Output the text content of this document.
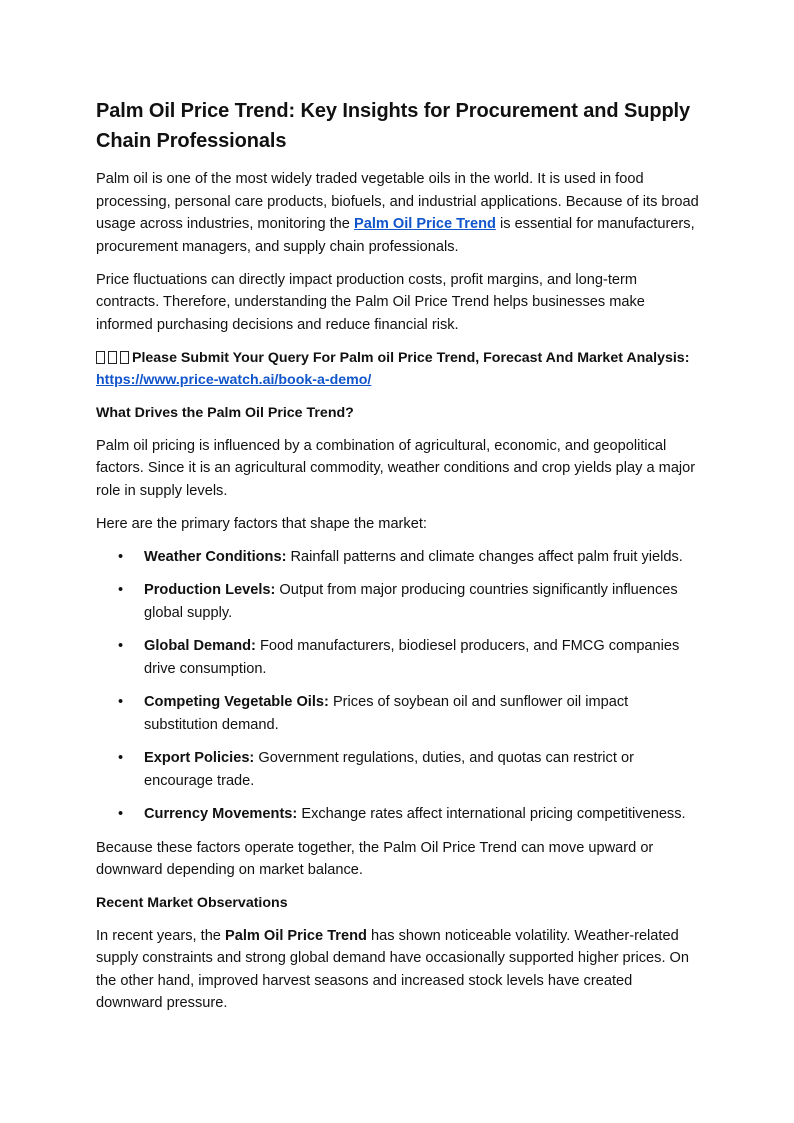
Palm Oil Price Trend: Key Insights for Procurement and Supply Chain Professionals

Palm oil is one of the most widely traded vegetable oils in the world. It is used in food processing, personal care products, biofuels, and industrial applications. Because of its broad usage across industries, monitoring the Palm Oil Price Trend is essential for manufacturers, procurement managers, and supply chain professionals.

Price fluctuations can directly impact production costs, profit margins, and long-term contracts. Therefore, understanding the Palm Oil Price Trend helps businesses make informed purchasing decisions and reduce financial risk.

Please Submit Your Query For Palm oil Price Trend, Forecast And Market Analysis: https://www.price-watch.ai/book-a-demo/

What Drives the Palm Oil Price Trend?

Palm oil pricing is influenced by a combination of agricultural, economic, and geopolitical factors. Since it is an agricultural commodity, weather conditions and crop yields play a major role in supply levels.

Here are the primary factors that shape the market:

• Weather Conditions: Rainfall patterns and climate changes affect palm fruit yields.
• Production Levels: Output from major producing countries significantly influences global supply.
• Global Demand: Food manufacturers, biodiesel producers, and FMCG companies drive consumption.
• Competing Vegetable Oils: Prices of soybean oil and sunflower oil impact substitution demand.
• Export Policies: Government regulations, duties, and quotas can restrict or encourage trade.
• Currency Movements: Exchange rates affect international pricing competitiveness.

Because these factors operate together, the Palm Oil Price Trend can move upward or downward depending on market balance.

Recent Market Observations

In recent years, the Palm Oil Price Trend has shown noticeable volatility. Weather-related supply constraints and strong global demand have occasionally supported higher prices. On the other hand, improved harvest seasons and increased stock levels have created downward pressure.
